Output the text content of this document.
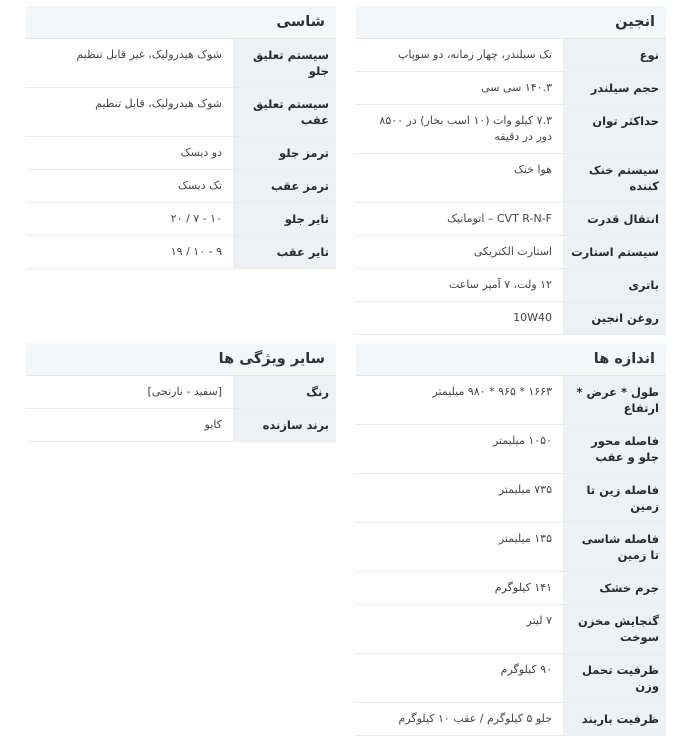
انجین
نوع
تک سیلندر، چهار زمانه، دو سوپاپ
حجم سیلندر
۱۴۰.۳ سی سی
حداکثر توان
۷.۳ کیلو وات (۱۰ اسب بخار) در ۸۵۰۰ دور در دقیقه
سیستم خنک کننده
هوا خنک
انتقال قدرت
CVT R-N-F – اتوماتیک
سیستم استارت
استارت الکتریکی
باتری
۱۲ ولت، ۷ آمپر ساعت
روغن انجین
10W40
شاسی
سیستم تعلیق جلو
شوک هیدرولیک، غیر قابل تنظیم
سیستم تعلیق عقب
شوک هیدرولیک، قابل تنظیم
ترمز جلو
دو دیسک
ترمز عقب
تک دیسک
تایر جلو
۱۰ - ۷ / ۲۰
تایر عقب
۹ - ۱۰ / ۱۹
اندازه ها
طول * عرض * ارتفاع
۱۶۶۳ * ۹۶۵ * ۹۸۰ میلیمتر
فاصله محور جلو و عقب
۱۰۵۰ میلیمتر
فاصله زین تا زمین
۷۳۵ میلیمتر
فاصله شاسی تا زمین
۱۳۵ میلیمتر
جرم خشک
۱۴۱ کیلوگرم
گنجایش مخزن سوخت
۷ لیتر
ظرفیت تحمل وزن
۹۰ کیلوگرم
ظرفیت باربند
جلو ۵ کیلوگرم / عقب ۱۰ کیلوگرم
سایر ویژگی ها
رنگ
[سفید - نارنجی]
برند سازنده
کایو
